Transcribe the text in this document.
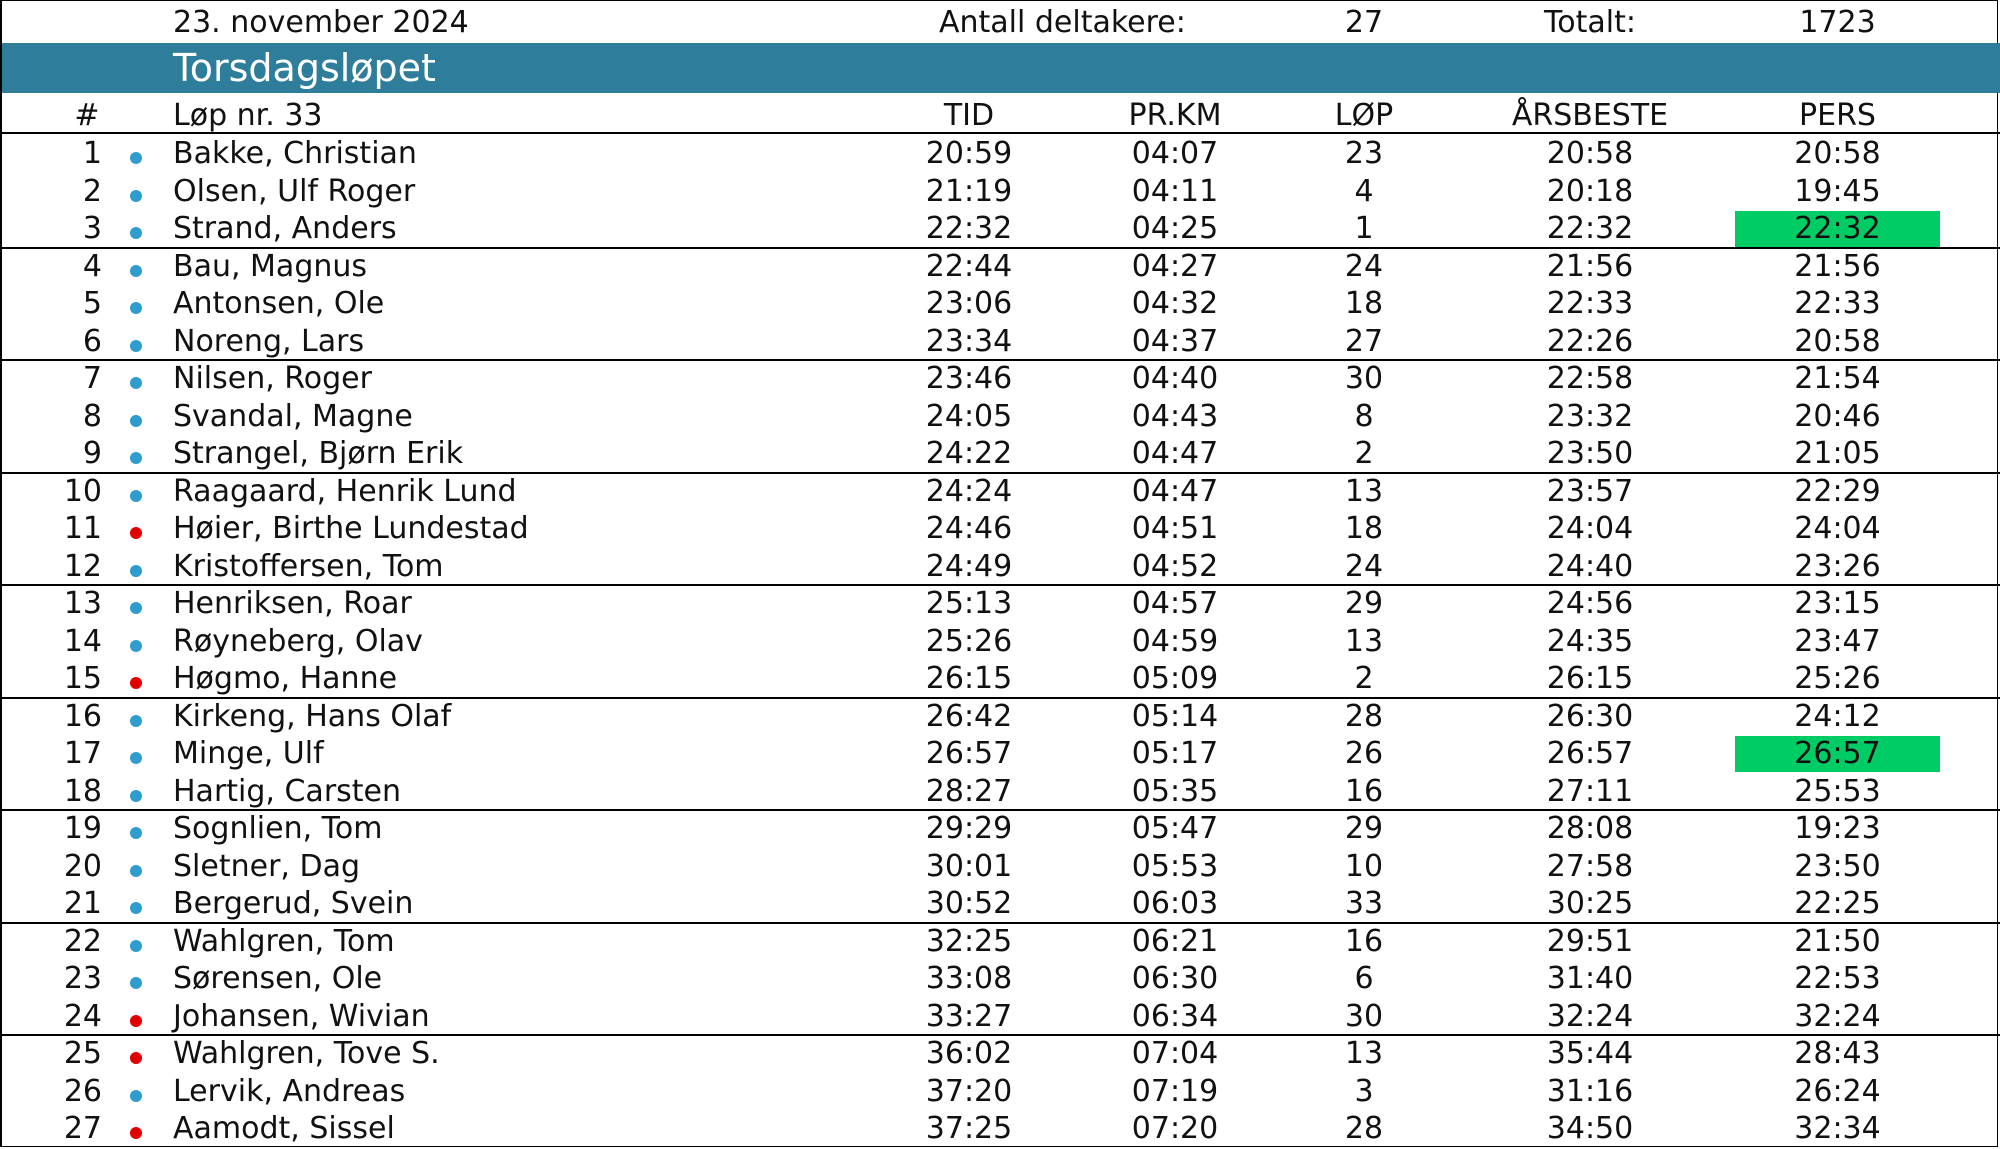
23. november 2024	Antall deltakere:	27	Totalt:	1723
Torsdagsløpet
#	Løp nr. 33	TID	PR.KM	LØP	ÅRSBESTE	PERS
1 Bakke, Christian	20:59	04:07	23	20:58	20:58
2 Olsen, Ulf Roger	21:19	04:11	4	20:18	19:45
3 Strand, Anders	22:32	04:25	1	22:32	22:32
4 Bau, Magnus	22:44	04:27	24	21:56	21:56
5 Antonsen, Ole	23:06	04:32	18	22:33	22:33
6 Noreng, Lars	23:34	04:37	27	22:26	20:58
7 Nilsen, Roger	23:46	04:40	30	22:58	21:54
8 Svandal, Magne	24:05	04:43	8	23:32	20:46
9 Strangel, Bjørn Erik	24:22	04:47	2	23:50	21:05
10 Raagaard, Henrik Lund	24:24	04:47	13	23:57	22:29
11 Høier, Birthe Lundestad	24:46	04:51	18	24:04	24:04
12 Kristoffersen, Tom	24:49	04:52	24	24:40	23:26
13 Henriksen, Roar	25:13	04:57	29	24:56	23:15
14 Røyneberg, Olav	25:26	04:59	13	24:35	23:47
15 Høgmo, Hanne	26:15	05:09	2	26:15	25:26
16 Kirkeng, Hans Olaf	26:42	05:14	28	26:30	24:12
17 Minge, Ulf	26:57	05:17	26	26:57	26:57
18 Hartig, Carsten	28:27	05:35	16	27:11	25:53
19 Sognlien, Tom	29:29	05:47	29	28:08	19:23
20 Sletner, Dag	30:01	05:53	10	27:58	23:50
21 Bergerud, Svein	30:52	06:03	33	30:25	22:25
22 Wahlgren, Tom	32:25	06:21	16	29:51	21:50
23 Sørensen, Ole	33:08	06:30	6	31:40	22:53
24 Johansen, Wivian	33:27	06:34	30	32:24	32:24
25 Wahlgren, Tove S.	36:02	07:04	13	35:44	28:43
26 Lervik, Andreas	37:20	07:19	3	31:16	26:24
27 Aamodt, Sissel	37:25	07:20	28	34:50	32:34
